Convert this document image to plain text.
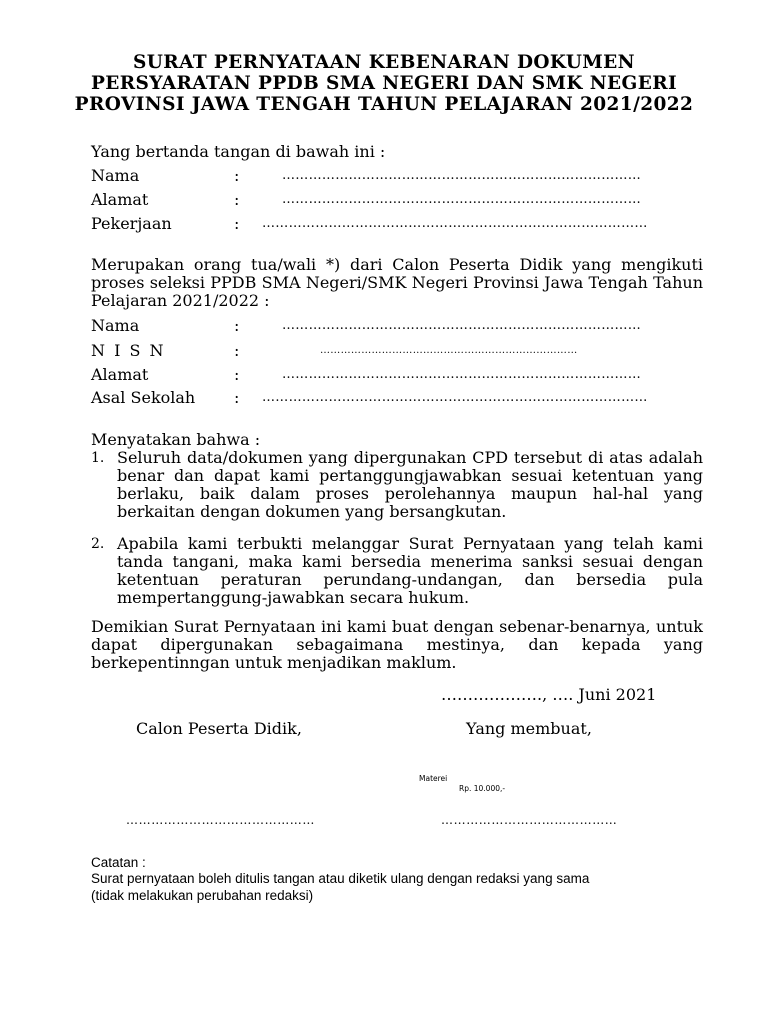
SURAT PERNYATAAN KEBENARAN DOKUMEN
PERSYARATAN PPDB SMA NEGERI DAN SMK NEGERI
PROVINSI JAWA TENGAH TAHUN PELAJARAN 2021/2022
Yang bertanda tangan di bawah ini :
Nama	:	………………………………………………………………………
Alamat	:	………………………………………………………………………
Pekerjaan	: ……………………………………………………………………………
Merupakan orang tua/wali *) dari Calon Peserta Didik yang mengikuti proses seleksi PPDB SMA Negeri/SMK Negeri Provinsi Jawa Tengah Tahun Pelajaran 2021/2022 :
Nama	:	………………………………………………………………………
N I S N	:	…………………………………………………………………
Alamat	:	………………………………………………………………………
Asal Sekolah : ……………………………………………………………………………
Menyatakan bahwa :
1. Seluruh data/dokumen yang dipergunakan CPD tersebut di atas adalah benar dan dapat kami pertanggungjawabkan sesuai ketentuan yang berlaku, baik dalam proses perolehannya maupun hal-hal yang berkaitan dengan dokumen yang bersangkutan.
2. Apabila kami terbukti melanggar Surat Pernyataan yang telah kami tanda tangani, maka kami bersedia menerima sanksi sesuai dengan ketentuan peraturan perundang-undangan, dan bersedia pula mempertanggung-jawabkan secara hukum.
Demikian Surat Pernyataan ini kami buat dengan sebenar-benarnya, untuk dapat dipergunakan sebagaimana mestinya, dan kepada yang berkepentinngan untuk menjadikan maklum.
………………., …. Juni 2021
Calon Peserta Didik,	Yang membuat,
Materei
Rp. 10.000,-
………………………………………	……………………………………
Catatan :
Surat pernyataan boleh ditulis tangan atau diketik ulang dengan redaksi yang sama
(tidak melakukan perubahan redaksi)
